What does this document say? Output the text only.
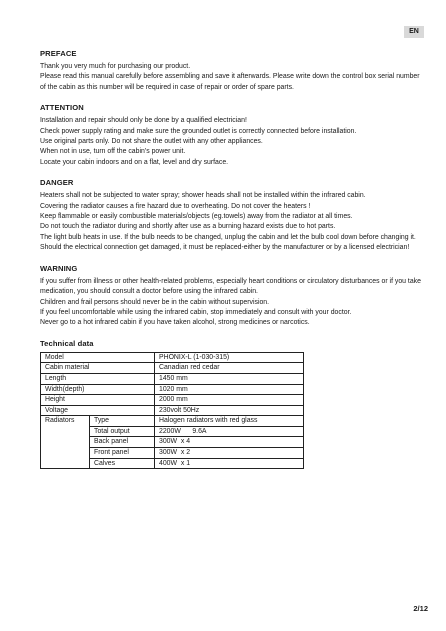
EN
PREFACE

Thank you very much for purchasing our product.

Please read this manual carefully before assembling and save it afterwards. Please write down the control box serial number of the cabin as this number will be required in case of repair or order of spare parts.

ATTENTION

Installation and repair should only be done by a qualified electrician!

Check power supply rating and make sure the grounded outlet is correctly connected before installation.

Use original parts only. Do not share the outlet with any other appliances.

When not in use, turn off the cabin’s power unit.

Locate your cabin indoors and on a flat, level and dry surface.

DANGER

Heaters shall not be subjected to water spray; shower heads shall not be installed within the infrared cabin.

Covering the radiator causes a fire hazard due to overheating. Do not cover the heaters !

Keep flammable or easily combustible materials/objects (eg.towels) away from the radiator at all times.

Do not touch the radiator during and shortly after use as a burning hazard exists due to hot parts.

The light bulb heats in use. If the bulb needs to be changed, unplug the cabin and let the bulb cool down before changing it.

Should the electrical connection get damaged, it must be replaced-either by the manufacturer or by a licensed electrician!

WARNING

If you suffer from illness or other health-related problems, especially heart conditions or circulatory disturbances or if you take medication, you should consult a doctor before using the infrared cabin.

Children and frail persons should never be in the cabin without supervision.

If you feel uncomfortable while using the infrared cabin, stop immediately and consult with your doctor.

Never go to a hot infrared cabin if you have taken alcohol, strong medicines or narcotics.

Technical data
Model		PHÖNIX-L (1-030-315)
Cabin material		Canadian red cedar
Length		1450 mm
Width(depth)		1020 mm
Height		2000 mm
Voltage		230volt 50Hz
Radiators	Type	Halogen radiators with red glass
	Total output	2200W      9.6A
	Back panel	300W  x 4
	Front panel	300W  x 2
	Calves	400W  x 1
2/12
